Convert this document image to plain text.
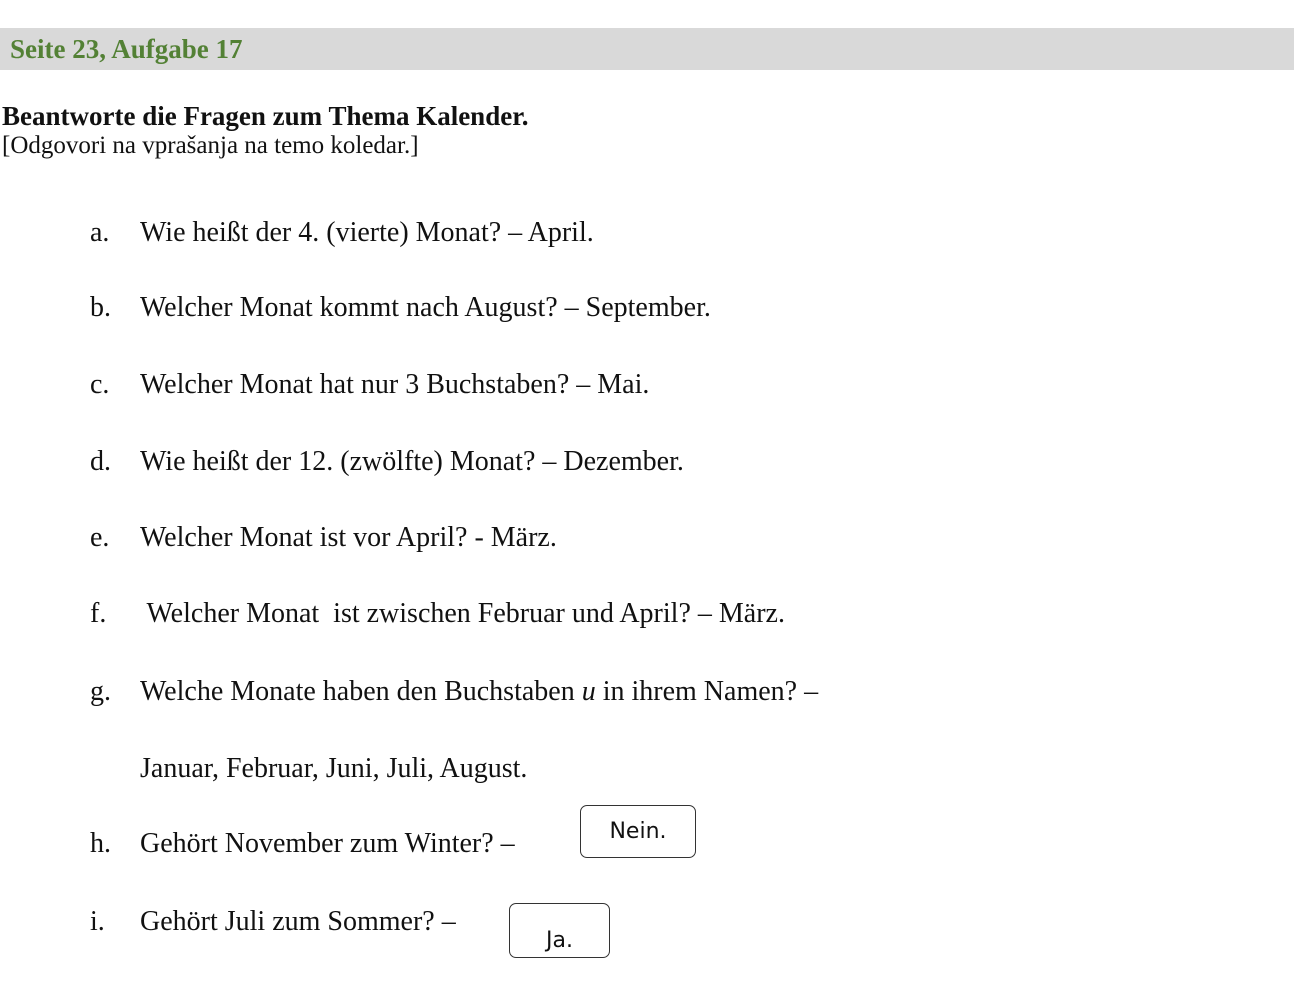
Seite 23, Aufgabe 17
Beantworte die Fragen zum Thema Kalender.
[Odgovori na vprašanja na temo koledar.]
a. Wie heißt der 4. (vierte) Monat? – April.
b. Welcher Monat kommt nach August? – September.
c. Welcher Monat hat nur 3 Buchstaben? – Mai.
d. Wie heißt der 12. (zwölfte) Monat? – Dezember.
e. Welcher Monat ist vor April? - März.
f. Welcher Monat  ist zwischen Februar und April? – März.
g. Welche Monate haben den Buchstaben u in ihrem Namen? –
Januar, Februar, Juni, Juli, August.
h. Gehört November zum Winter? –	Nein.
i. Gehört Juli zum Sommer? –
Ja.
